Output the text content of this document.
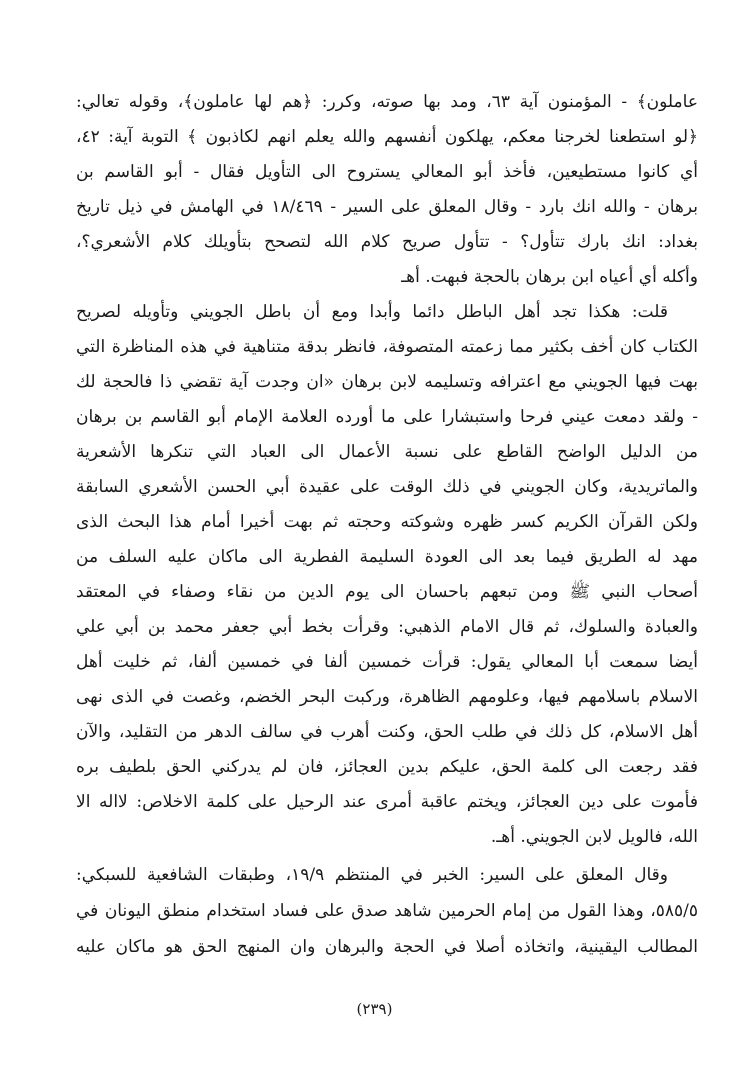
عاملون﴾ - المؤمنون آية ٦٣، ومد بها صوته، وكرر: ﴿هم لها عاملون﴾، وقوله تعالي:
﴿لو استطعنا لخرجنا معكم، يهلكون أنفسهم والله يعلم انهم لكاذبون ﴾ التوبة آية: ٤٢،
أي كانوا مستطيعين، فأخذ أبو المعالي يستروح الى التأويل فقال - أبو القاسم بن
برهان - والله انك بارد - وقال المعلق على السير - ١٨/٤٦٩ في الهامش في ذيل تاريخ
بغداد: انك بارك تتأول؟ - تتأول صريح كلام الله لتصحح بتأويلك كلام الأشعري؟،
وأكله أي أعياه ابن برهان بالحجة فبهت. أهـ
قلت: هكذا تجد أهل الباطل دائما وأبدا ومع أن باطل الجويني وتأويله لصريح
الكتاب كان أخف بكثير مما زعمته المتصوفة، فانظر بدقة متناهية في هذه المناظرة التي
بهت فيها الجويني مع اعترافه وتسليمه لابن برهان «ان وجدت آية تقضي ذا فالحجة لك
- ولقد دمعت عيني فرحا واستبشارا على ما أورده العلامة الإمام أبو القاسم بن برهان
من الدليل الواضح القاطع على نسبة الأعمال الى العباد التي تنكرها الأشعرية
والماتريدية، وكان الجويني في ذلك الوقت على عقيدة أبي الحسن الأشعري السابقة
ولكن القرآن الكريم كسر ظهره وشوكته وحجته ثم بهت أخيرا أمام هذا البحث الذى
مهد له الطريق فيما بعد الى العودة السليمة الفطرية الى ماكان عليه السلف من
أصحاب النبي ﷺ ومن تبعهم باحسان الى يوم الدين من نقاء وصفاء في المعتقد
والعبادة والسلوك، ثم قال الامام الذهبي: وقرأت بخط أبي جعفر محمد بن أبي علي
أيضا سمعت أبا المعالي يقول: قرأت خمسين ألفا في خمسين ألفا، ثم خليت أهل
الاسلام باسلامهم فيها، وعلومهم الظاهرة، وركبت البحر الخضم، وغصت في الذى نهى
أهل الاسلام، كل ذلك في طلب الحق، وكنت أهرب في سالف الدهر من التقليد، والآن
فقد رجعت الى كلمة الحق، عليكم بدين العجائز، فان لم يدركني الحق بلطيف بره
فأموت على دين العجائز، ويختم عاقبة أمرى عند الرحيل على كلمة الاخلاص: لااله الا
الله، فالويل لابن الجويني. أهـ.
وقال المعلق على السير: الخبر في المنتظم ١٩/٩، وطبقات الشافعية للسبكي:
٥٨٥/٥، وهذا القول من إمام الحرمين شاهد صدق على فساد استخدام منطق اليونان في
المطالب اليقينية، واتخاذه أصلا في الحجة والبرهان وان المنهج الحق هو ماكان عليه
(٢٣٩)
